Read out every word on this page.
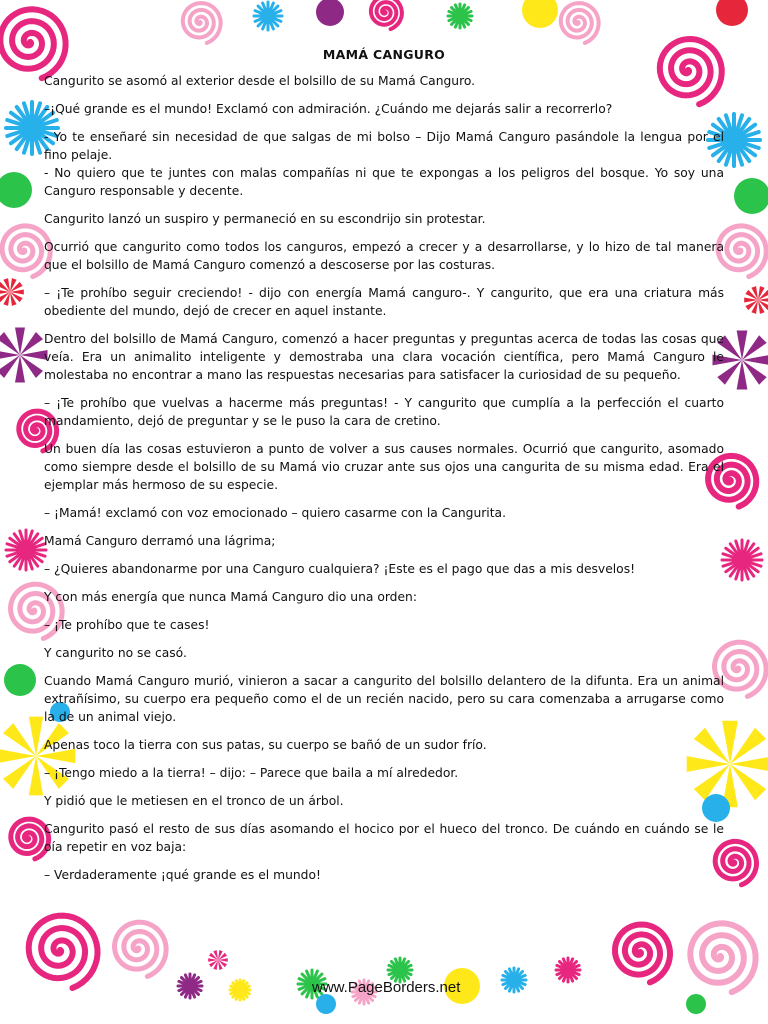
MAMÁ CANGURO

Cangurito se asomó al exterior desde el bolsillo de su Mamá Canguro.

–¡Qué grande es el mundo! Exclamó con admiración. ¿Cuándo me dejarás salir a recorrerlo?

- Yo te enseñaré sin necesidad de que salgas de mi bolso – Dijo Mamá Canguro pasándole la lengua por el fino pelaje.

- No quiero que te juntes con malas compañías ni que te expongas a los peligros del bosque. Yo soy una Canguro responsable y decente.

Cangurito lanzó un suspiro y permaneció en su escondrijo sin protestar.

Ocurrió que cangurito como todos los canguros, empezó a crecer y a desarrollarse, y lo hizo de tal manera que el bolsillo de Mamá Canguro comenzó a descoserse por las costuras.

– ¡Te prohíbo seguir creciendo! - dijo con energía Mamá canguro-. Y cangurito, que era una criatura más obediente del mundo, dejó de crecer en aquel instante.

Dentro del bolsillo de Mamá Canguro, comenzó a hacer preguntas y preguntas acerca de todas las cosas que veía. Era un animalito inteligente y demostraba una clara vocación científica, pero Mamá Canguro le molestaba no encontrar a mano las respuestas necesarias para satisfacer la curiosidad de su pequeño.

– ¡Te prohíbo que vuelvas a hacerme más preguntas! - Y cangurito que cumplía a la perfección el cuarto mandamiento, dejó de preguntar y se le puso la cara de cretino.

Un buen día las cosas estuvieron a punto de volver a sus causes normales. Ocurrió que cangurito, asomado como siempre desde el bolsillo de su Mamá vio cruzar ante sus ojos una cangurita de su misma edad. Era el ejemplar más hermoso de su especie.

– ¡Mamá! exclamó con voz emocionado – quiero casarme con la Cangurita.

Mamá Canguro derramó una lágrima;

– ¿Quieres abandonarme por una Canguro cualquiera? ¡Este es el pago que das a mis desvelos!

Y con más energía que nunca Mamá Canguro dio una orden:

– ¡Te prohíbo que te cases!

Y cangurito no se casó.

Cuando Mamá Canguro murió, vinieron a sacar a cangurito del bolsillo delantero de la difunta. Era un animal extrañísimo, su cuerpo era pequeño como el de un recién nacido, pero su cara comenzaba a arrugarse como la de un animal viejo.

Apenas toco la tierra con sus patas, su cuerpo se bañó de un sudor frío.

– ¡Tengo miedo a la tierra! – dijo: – Parece que baila a mí alrededor.

Y pidió que le metiesen en el tronco de un árbol.

Cangurito pasó el resto de sus días asomando el hocico por el hueco del tronco. De cuándo en cuándo se le oía repetir en voz baja:

– Verdaderamente ¡qué grande es el mundo!

www.PageBorders.net
